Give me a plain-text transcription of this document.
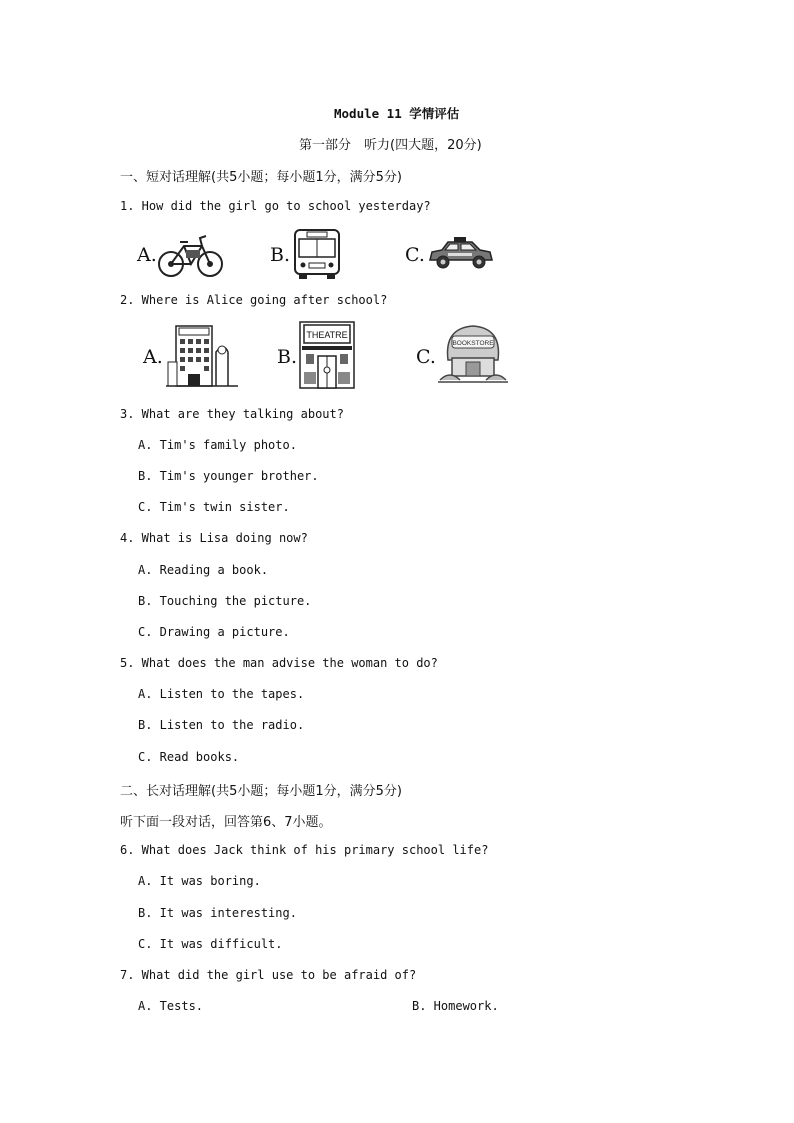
Module 11 学情评估
第一部分　听力(四大题，20分)
一、短对话理解(共5小题；每小题1分，满分5分)
1. How did the girl go to school yesterday?
A.	B.	C.
2. Where is Alice going after school?
A.	B.
THEATRE
C.
BOOKSTORE
3. What are they talking about?
A. Tim's family photo.
B. Tim's younger brother.
C. Tim's twin sister.
4. What is Lisa doing now?
A. Reading a book.
B. Touching the picture.
C. Drawing a picture.
5. What does the man advise the woman to do?
A. Listen to the tapes.
B. Listen to the radio.
C. Read books.
二、长对话理解(共5小题；每小题1分，满分5分)
听下面一段对话，回答第6、7小题。
6. What does Jack think of his primary school life?
A. It was boring.
B. It was interesting.
C. It was difficult.
7. What did the girl use to be afraid of?
A. Tests.	B. Homework.
